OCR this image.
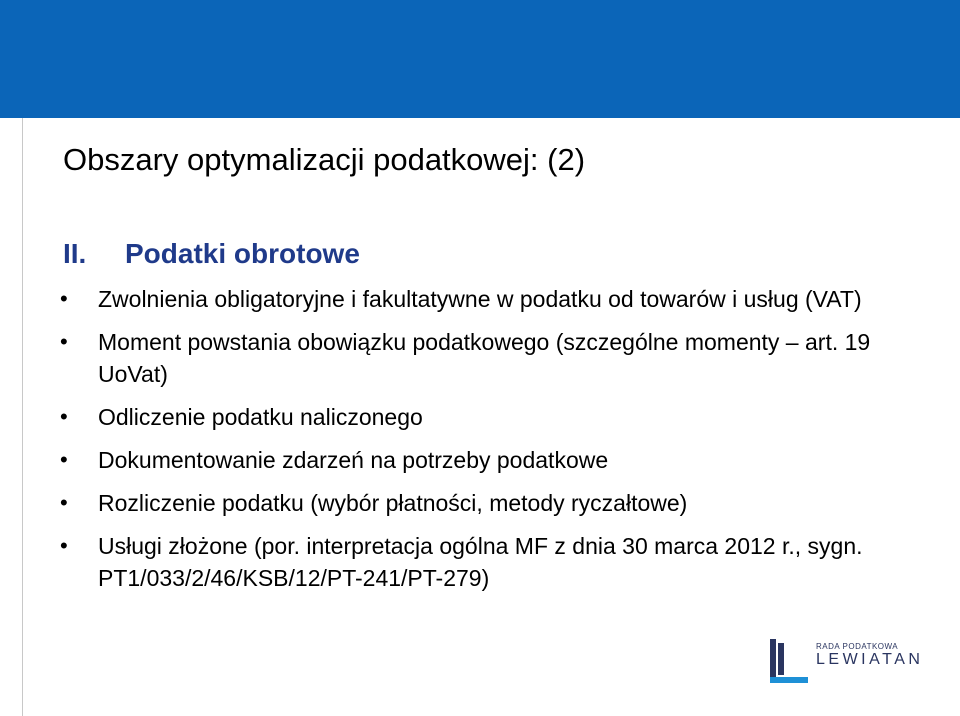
Obszary optymalizacji podatkowej: (2)
II. Podatki obrotowe
• Zwolnienia obligatoryjne i fakultatywne w podatku od towarów i usług (VAT)
• Moment powstania obowiązku podatkowego (szczególne momenty – art. 19 UoVat)
• Odliczenie podatku naliczonego
• Dokumentowanie zdarzeń na potrzeby podatkowe
• Rozliczenie podatku (wybór płatności, metody ryczałtowe)
• Usługi złożone (por. interpretacja ogólna MF z dnia 30 marca 2012 r., sygn. PT1/033/2/46/KSB/12/PT-241/PT-279)
RADA PODATKOWA
LEWIATAN
